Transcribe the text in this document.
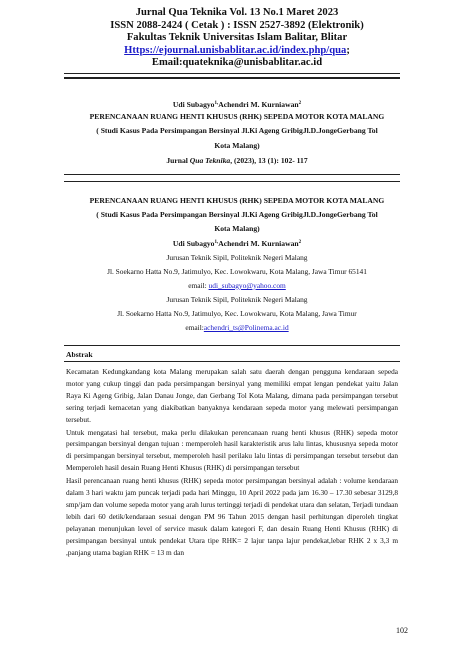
Jurnal Qua Teknika Vol. 13 No.1 Maret 2023
ISSN 2088-2424 ( Cetak ) : ISSN 2527-3892 (Elektronik)
Fakultas Teknik Universitas Islam Balitar, Blitar
Https://ejournal.unisbablitar.ac.id/index.php/qua;
Email:quateknika@unisbablitar.ac.id
Udi Subagyo$^{1,}$Achendri M. Kurniawan$^2$
PERENCANAAN RUANG HENTI KHUSUS (RHK) SEPEDA MOTOR KOTA MALANG
( Studi Kasus Pada Persimpangan Bersinyal Jl.Ki Ageng GribigJl.D.JongeGerbang Tol
Kota Malang)
Jurnal Qua Teknika, (2023), 13 (1): 102- 117
PERENCANAAN RUANG HENTI KHUSUS (RHK) SEPEDA MOTOR KOTA MALANG
( Studi Kasus Pada Persimpangan Bersinyal Jl.Ki Ageng GribigJl.D.JongeGerbang Tol
Kota Malang)
Udi Subagyo$^{1,}$Achendri M. Kurniawan$^2$
Jurusan Teknik Sipil, Politeknik Negeri Malang
Jl. Soekarno Hatta No.9, Jatimulyo, Kec. Lowokwaru, Kota Malang, Jawa Timur 65141
email: udi_subagyo@yahoo.com
Jurusan Teknik Sipil, Politeknik Negeri Malang
Jl. Soekarno Hatta No.9, Jatimulyo, Kec. Lowokwaru, Kota Malang, Jawa Timur
email:achendri_ts@Polinema.ac.id
Abstrak

Kecamatan Kedungkandang kota Malang merupakan salah satu daerah dengan pengguna kendaraan sepeda motor yang cukup tinggi dan pada persimpangan bersinyal yang memiliki empat lengan pendekat yaitu Jalan Raya Ki Ageng Gribig, Jalan Danau Jonge, dan Gerbang Tol Kota Malang, dimana pada persimpangan tersebut sering terjadi kemacetan yang diakibatkan banyaknya kendaraan sepeda motor yang melewati persimpangan tersebut.

Untuk mengatasi hal tersebut, maka perlu dilakukan perencanaan ruang henti khusus (RHK) sepeda motor persimpangan bersinyal dengan tujuan : memperoleh hasil karakteristik arus lalu lintas, khususnya sepeda motor di persimpangan bersinyal tersebut, memperoleh hasil perilaku lalu lintas di persimpangan tersebut tersebut dan Memperoleh hasil desain Ruang Henti Khusus (RHK) di persimpangan tersebut

Hasil perencanaan ruang henti khusus (RHK) sepeda motor persimpangan bersinyal adalah : volume kendaraan dalam 3 hari waktu jam puncak terjadi pada hari Minggu, 10 April 2022 pada jam 16.30 – 17.30 sebesar 3129,8 smp/jam dan volume sepeda motor yang arah lurus tertinggi terjadi di pendekat utara dan selatan, Terjadi tundaan lebih dari 60 detik/kendaraan sesuai dengan PM 96 Tahun 2015 dengan hasil perhitungan diperoleh tingkat pelayanan menunjukan level of service masuk dalam kategori F, dan desain Ruang Henti Khusus (RHK) di persimpangan bersinyal untuk pendekat Utara tipe RHK= 2 lajur tanpa lajur pendekat,lebar RHK 2 x 3,3 m ,panjang utama bagian RHK = 13 m dan

102
